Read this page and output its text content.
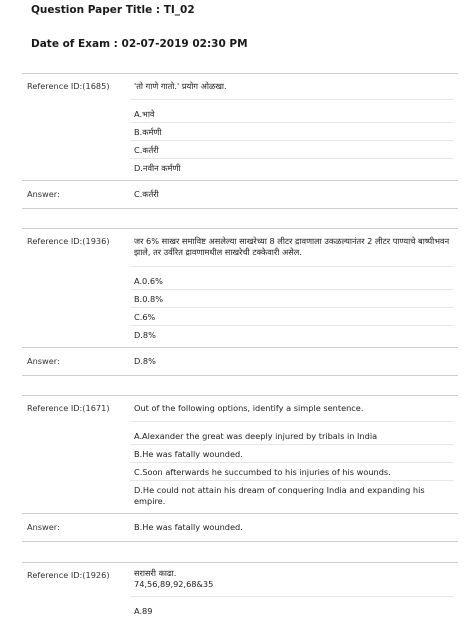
Question Paper Title : TI_02
Date of Exam : 02-07-2019 02:30 PM
Reference ID:(1685)	'तो गाणे गातो.' प्रयोग ओळखा.
A.भावे
B.कर्मणी
C.कर्तरी
D.नवीन कर्मणी
Answer:	C.कर्तरी
Reference ID:(1936)	जर 6% साखर समाविष्ट असलेल्या साखरेच्या 8 लीटर द्रावणाला उकळल्यानंतर 2 लीटर पाण्याचे बाष्पीभवन झाले, तर उर्वरित द्रावणामधील साखरेची टक्केवारी असेल.
A.0.6%
B.0.8%
C.6%
D.8%
Answer:	D.8%
Reference ID:(1671)	Out of the following options, identify a simple sentence.
A.Alexander the great was deeply injured by tribals in India
B.He was fatally wounded.
C.Soon afterwards he succumbed to his injuries of his wounds.
D.He could not attain his dream of conquering India and expanding his empire.
Answer:	B.He was fatally wounded.
Reference ID:(1926)	सरासरी काढा.
74,56,89,92,68&35
A.89
